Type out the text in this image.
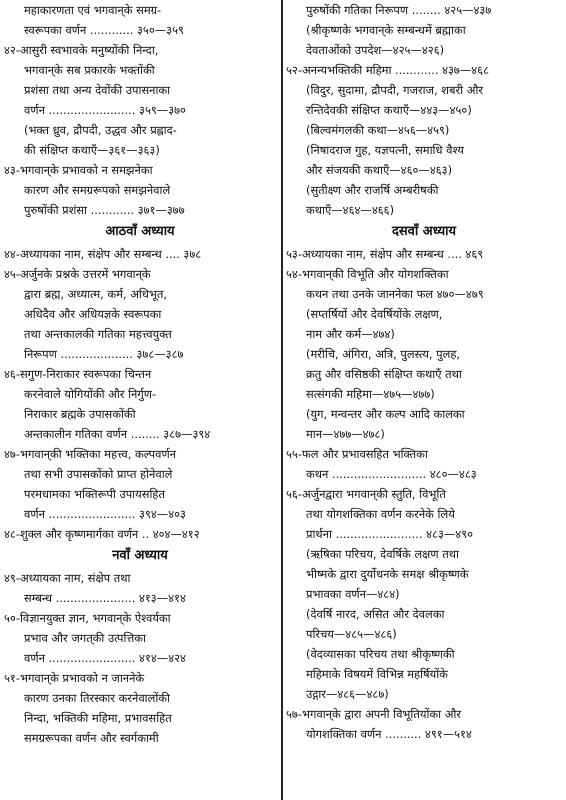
महाकारणता एवं भगवान्‌के समग्र-
स्वरूपका वर्णन ............ ३५०—३५९
४२-आसुरी स्वभावके मनुष्योंकी निन्दा,
भगवान्‌के सब प्रकारके भक्तोंकी
प्रशंसा तथा अन्य देवोंकी उपासनाका
वर्णन ........................ ३५९—३७०
(भक्त ध्रुव, द्रौपदी, उद्धव और प्रह्लाद-
की संक्षिप्त कथाएँ—३६१—३६३)
४३-भगवान्‌के प्रभावको न समझनेका
कारण और समग्ररूपको समझनेवाले
पुरुषोंकी प्रशंसा ............ ३७१—३७७
आठवाँ अध्याय
४४-अध्यायका नाम, संक्षेप और सम्बन्ध .... ३७८
४५-अर्जुनके प्रश्नके उत्तरमें भगवान्‌के
द्वारा ब्रह्म, अध्यात्म, कर्म, अधिभूत,
अधिदैव और अधियज्ञके स्वरूपका
तथा अन्तकालकी गतिका महत्त्वयुक्त
निरूपण .................... ३७८—३८७
४६-सगुण-निराकार स्वरूपका चिन्तन
करनेवाले योगियोंकी और निर्गुण-
निराकार ब्रह्मके उपासकोंकी
अन्तकालीन गतिका वर्णन ........ ३८७—३९४
४७-भगवान्‌की भक्तिका महत्त्व, कल्पवर्णन
तथा सभी उपासकोंको प्राप्त होनेवाले
परमधामका भक्तिरूपी उपायसहित
वर्णन ........................ ३९४—४०३
४८-शुक्ल और कृष्णमार्गका वर्णन .. ४०४—४१२
नवाँ अध्याय
४९-अध्यायका नाम, संक्षेप तथा
सम्बन्ध ...................... ४१३—४१४
५०-विज्ञानयुक्त ज्ञान, भगवान्‌के ऐश्वर्यका
प्रभाव और जगत्‌की उत्पत्तिका
वर्णन ........................ ४१४—४२४
५१-भगवान्‌के प्रभावको न जाननेके
कारण उनका तिरस्कार करनेवालोंकी
निन्दा, भक्तिकी महिमा, प्रभावसहित
समग्ररूपका वर्णन और स्वर्गकामी
पुरुषोंकी गतिका निरूपण ........ ४२५—४३७
(श्रीकृष्णके भगवान्‌के सम्बन्धमें ब्रह्माका
देवताओंको उपदेश—४२५—४२६)
५२-अनन्यभक्तिकी महिमा ............ ४३७—४६८
(विदुर, सुदामा, द्रौपदी, गजराज, शबरी और
रन्तिदेवकी संक्षिप्त कथाएँ—४४३—४५०)
(बिल्वमंगलकी कथा—४५६—४५९)
(निषादराज गुह, यज्ञपत्नी, समाधि वैश्य
और संजयकी कथाएँ—४६०—४६३)
(सुतीक्ष्ण और राजर्षि अम्बरीषकी
कथाएँ—४६४—४६६)
दसवाँ अध्याय
५३-अध्यायका नाम, संक्षेप और सम्बन्ध .... ४६९
५४-भगवान्‌की विभूति और योगशक्तिका
कथन तथा उनके जाननेका फल ४७०—४७९
(सप्तर्षियों और देवर्षियोंके लक्षण,
नाम और कर्म—४७४)
(मरीचि, अंगिरा, अत्रि, पुलस्त्य, पुलह,
क्रतु और वसिष्ठकी संक्षिप्त कथाएँ तथा
सत्संगकी महिमा—४७५—४७७)
(युग, मन्वन्तर और कल्प आदि कालका
मान—४७७—४७८)
५५-फल और प्रभावसहित भक्तिका
कथन .......................... ४८०—४८३
५६-अर्जुनद्वारा भगवान्‌की स्तुति, विभूति
तथा योगशक्तिका वर्णन करनेके लिये
प्रार्थना ........................ ४८३—४९०
(ऋषिका परिचय, देवर्षिके लक्षण तथा
भीष्मके द्वारा दुर्योधनके समक्ष श्रीकृष्णके
प्रभावका वर्णन—४८४)
(देवर्षि नारद, असित और देवलका
परिचय—४८५—४८६)
(वेदव्यासका परिचय तथा श्रीकृष्णकी
महिमाके विषयमें विभिन्न महर्षियोंके
उद्गार—४८६—४८७)
५७-भगवान्‌के द्वारा अपनी विभूतियोंका और
योगशक्तिका वर्णन .......... ४९१—५१४
